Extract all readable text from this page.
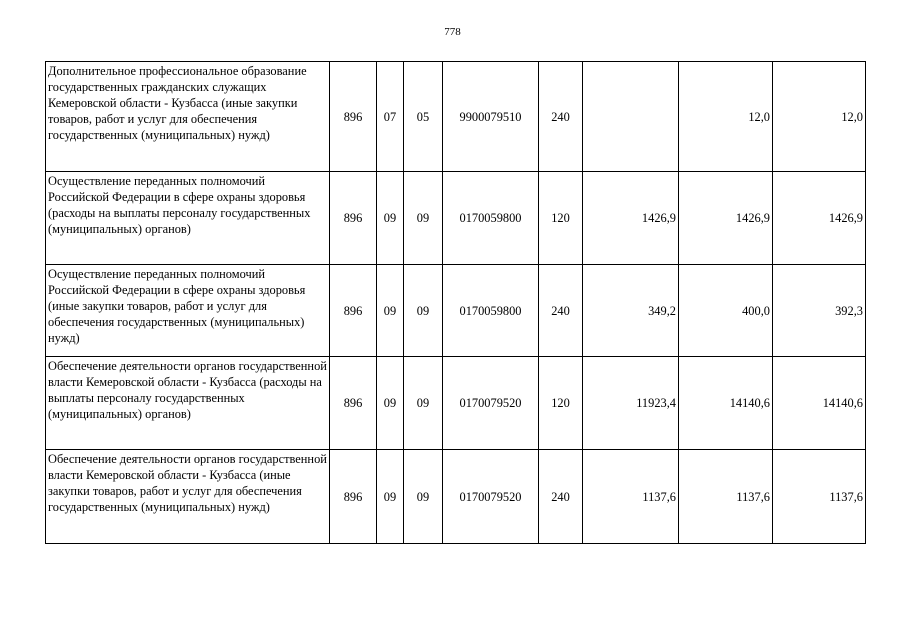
778
Дополнительное профессиональное образование государственных гражданских служащих Кемеровской области - Кузбасса (иные закупки товаров, работ и услуг для обеспечения государственных (муниципальных) нужд)	896	07	05	9900079510	240		12,0	12,0
Осуществление переданных полномочий Российской Федерации в сфере охраны здоровья (расходы на выплаты персоналу государственных (муниципальных) органов)	896	09	09	0170059800	120	1426,9	1426,9	1426,9
Осуществление переданных полномочий Российской Федерации в сфере охраны здоровья (иные закупки товаров, работ и услуг для обеспечения государственных (муниципальных) нужд)	896	09	09	0170059800	240	349,2	400,0	392,3
Обеспечение деятельности органов государственной власти Кемеровской области - Кузбасса (расходы на выплаты персоналу государственных (муниципальных) органов)	896	09	09	0170079520	120	11923,4	14140,6	14140,6
Обеспечение деятельности органов государственной власти Кемеровской области - Кузбасса (иные закупки товаров, работ и услуг для обеспечения государственных (муниципальных) нужд)	896	09	09	0170079520	240	1137,6	1137,6	1137,6
